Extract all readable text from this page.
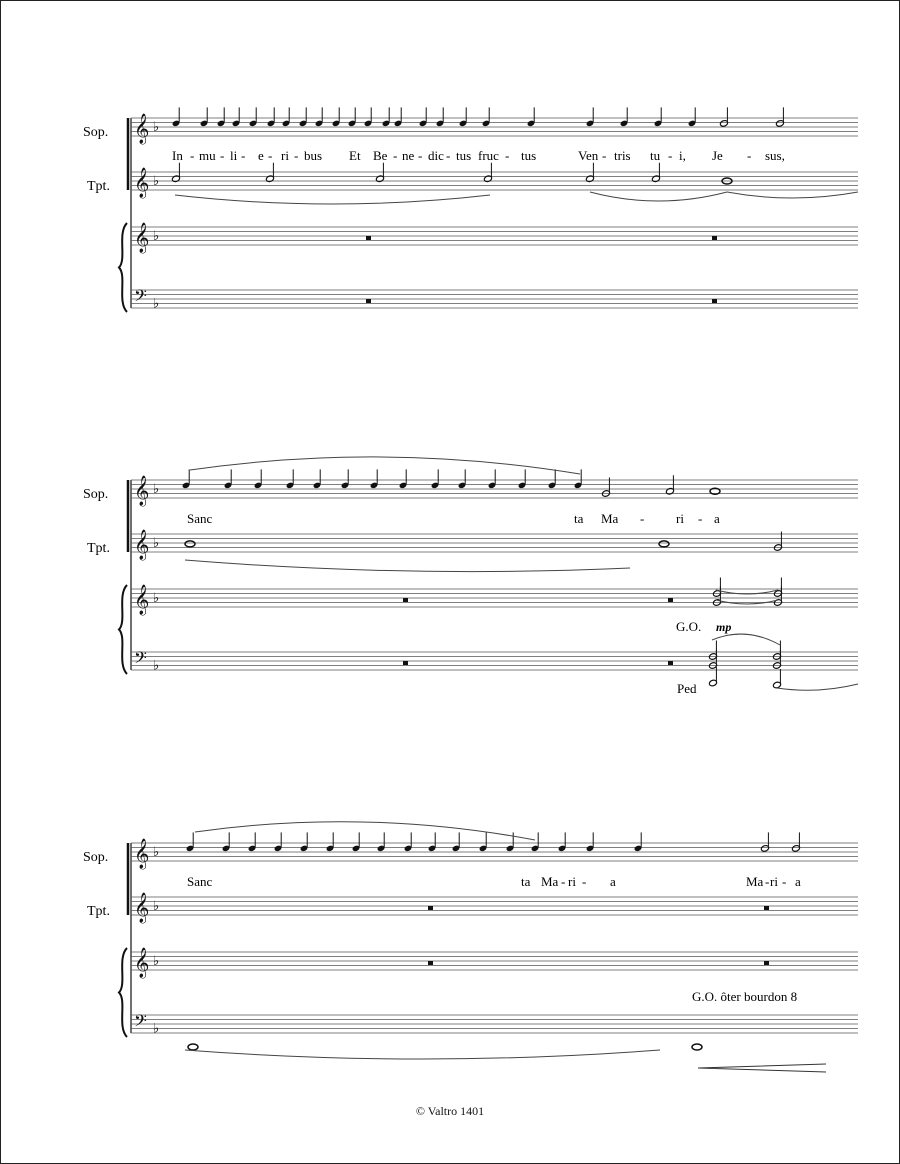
𝄞 ♭
𝄞 ♭
𝄞 ♭
𝄢 ♭
𝄞 ♭
𝄞 ♭
𝄞 ♭
𝄢 ♭
𝄞 ♭
𝄞 ♭
𝄞 ♭
𝄢 ♭
Sop.
Tpt.
In - mu - li - e - ri - bus Et Be - ne - dic - tus fruc - tus	Ven - tris tu - i, Je - sus,
Sop.
Tpt.
Sanc	ta Ma - ri - a
G.O. mp
Ped
Sop.
Tpt.
Sanc	ta Ma - ri - a	Ma - ri - a
G.O. ôter bourdon 8
© Valtro 1401
